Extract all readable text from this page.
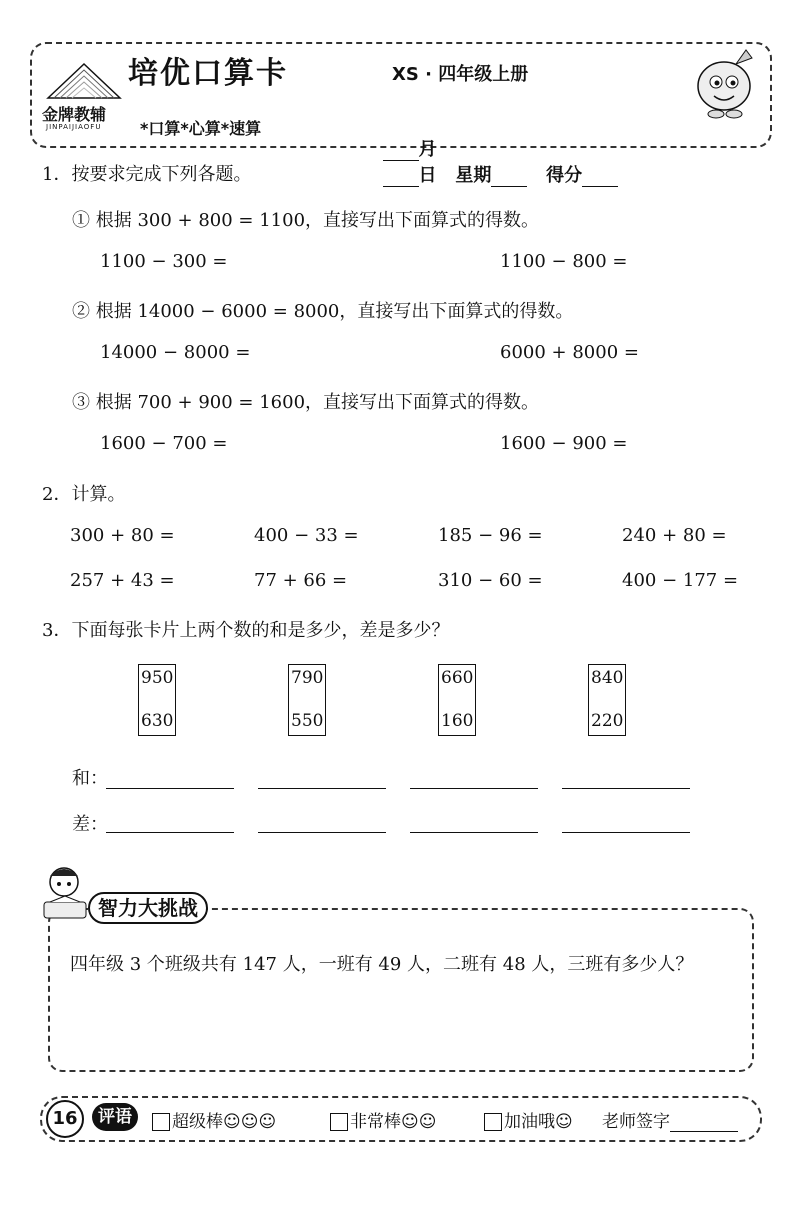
培优口算卡	XS · 四年级上册
金牌教辅
JINPAIJIAOFU *口算*心算*速算

月
日 星期	得分

1．按要求完成下列各题。
① 根据 300 + 800 = 1100，直接写出下面算式的得数。
1100 − 300 =	1100 − 800 =
② 根据 14000 − 6000 = 8000，直接写出下面算式的得数。
14000 − 8000 =	6000 + 8000 =
③ 根据 700 + 900 = 1600，直接写出下面算式的得数。
1600 − 700 =	1600 − 900 =
2．计算。
300 + 80 =	400 − 33 =	185 − 96 =	240 + 80 =
257 + 43 =	77 + 66 =	310 − 60 =	400 − 177 =
3．下面每张卡片上两个数的和是多少，差是多少？
950
630
790
550
660
160
840
220
和：
差：
智力大挑战
四年级 3 个班级共有 147 人，一班有 49 人，二班有 48 人，三班有多少人？
16	评语	超级棒☺☺☺	非常棒☺☺	加油哦☺ 老师签字
